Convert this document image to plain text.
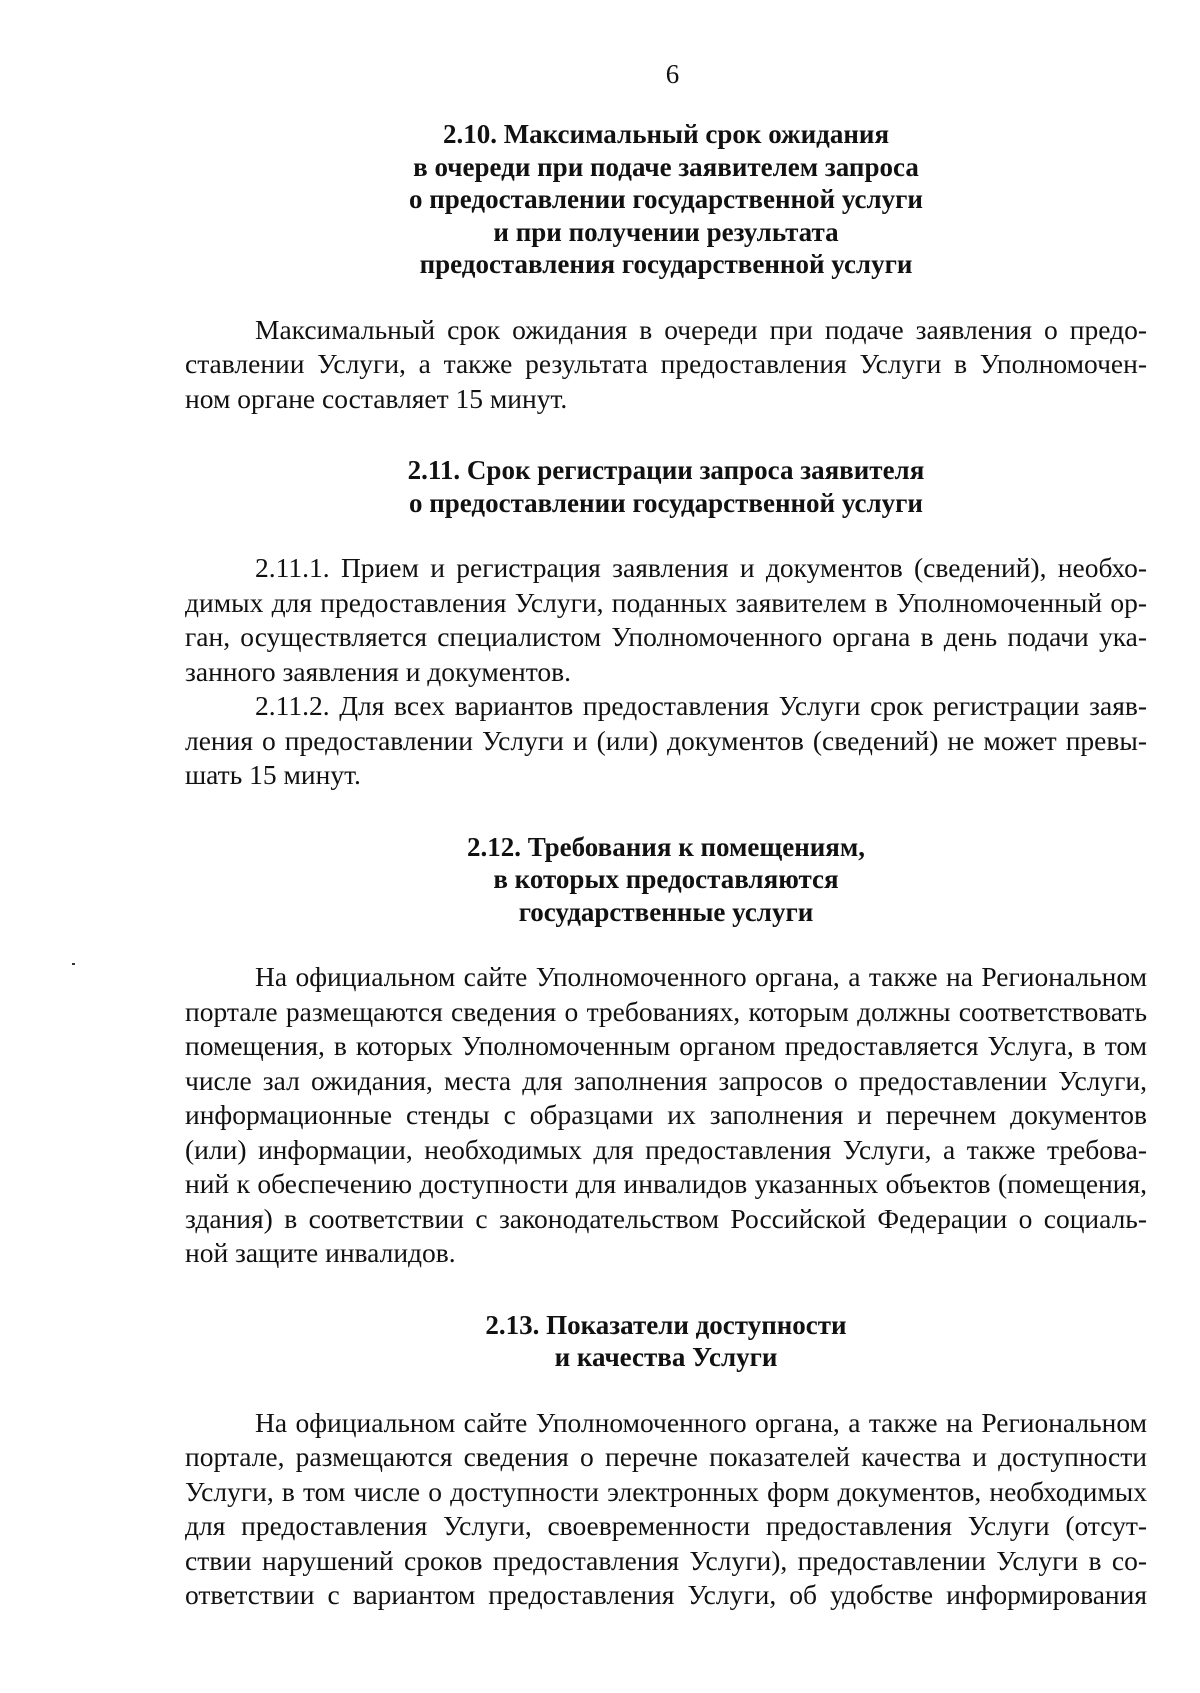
6
2.10. Максимальный срок ожидания
в очереди при подаче заявителем запроса
о предоставлении государственной услуги
и при получении результата
предоставления государственной услуги

Максимальный срок ожидания в очереди при подаче заявления о предо-
ставлении Услуги, а также результата предоставления Услуги в Уполномочен-
ном органе составляет 15 минут.

2.11. Срок регистрации запроса заявителя
о предоставлении государственной услуги

2.11.1. Прием и регистрация заявления и документов (сведений), необхо-
димых для предоставления Услуги, поданных заявителем в Уполномоченный ор-
ган, осуществляется специалистом Уполномоченного органа в день подачи ука-
занного заявления и документов.

2.11.2. Для всех вариантов предоставления Услуги срок регистрации заяв-
ления о предоставлении Услуги и (или) документов (сведений) не может превы-
шать 15 минут.

2.12. Требования к помещениям,
в которых предоставляются
государственные услуги

На официальном сайте Уполномоченного органа, а также на Региональном
портале размещаются сведения о требованиях, которым должны соответствовать
помещения, в которых Уполномоченным органом предоставляется Услуга, в том
числе зал ожидания, места для заполнения запросов о предоставлении Услуги,
информационные стенды с образцами их заполнения и перечнем документов
(или) информации, необходимых для предоставления Услуги, а также требова-
ний к обеспечению доступности для инвалидов указанных объектов (помещения,
здания) в соответствии с законодательством Российской Федерации о социаль-
ной защите инвалидов.

2.13. Показатели доступности
и качества Услуги

На официальном сайте Уполномоченного органа, а также на Региональном
портале, размещаются сведения о перечне показателей качества и доступности
Услуги, в том числе о доступности электронных форм документов, необходимых
для предоставления Услуги, своевременности предоставления Услуги (отсут-
ствии нарушений сроков предоставления Услуги), предоставлении Услуги в со-
ответствии с вариантом предоставления Услуги, об удобстве информирования
